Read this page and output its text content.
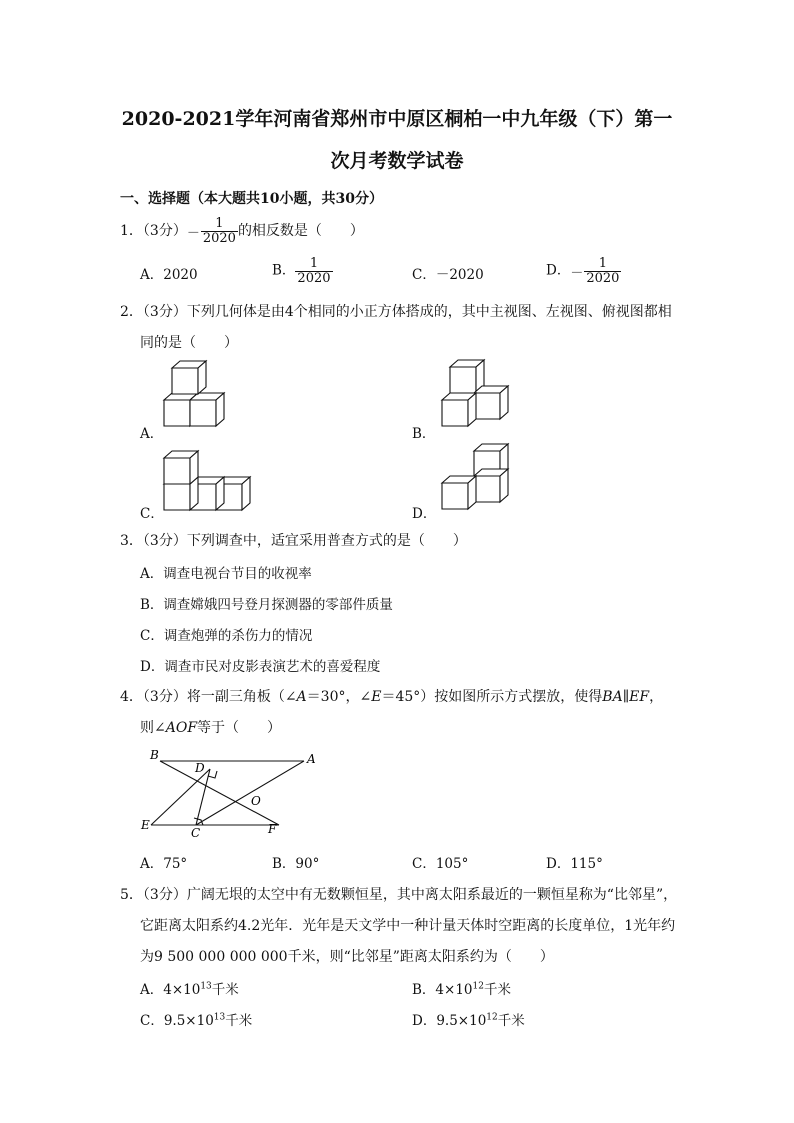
2020-2021学年河南省郑州市中原区桐柏一中九年级（下）第一
次月考数学试卷
一、选择题（本大题共10小题，共30分）
1．（3分）－ $\frac{1}{2020}$ 的相反数是（　　）
A．2020	B． $\frac{1}{2020}$	C．－2020	D．－ $\frac{1}{2020}$
2．（3分）下列几何体是由4个相同的小正方体搭成的，其中主视图、左视图、俯视图都相
同的是（　　）
A．	B．
C．	D．
3．（3分）下列调查中，适宜采用普查方式的是（　　）
A．调查电视台节目的收视率
B．调查嫦娥四号登月探测器的零部件质量
C．调查炮弹的杀伤力的情况
D．调查市民对皮影表演艺术的喜爱程度
4．（3分）将一副三角板（∠A＝30°，∠E＝45°）按如图所示方式摆放，使得BA∥EF，
则∠AOF等于（　　）
B
D
A
O
E
C	F
A．75°	B．90°	C．105°	D．115°
5．（3分）广阔无垠的太空中有无数颗恒星，其中离太阳系最近的一颗恒星称为“比邻星”，
它距离太阳系约4.2光年．光年是天文学中一种计量天体时空距离的长度单位，1光年约
为9 500 000 000 000千米，则“比邻星”距离太阳系约为（　　）
A．$4\times 10^{13}$千米	B．$4\times 10^{12}$千米
C．$9.5\times 10^{13}$千米	D．$9.5\times 10^{12}$千米
